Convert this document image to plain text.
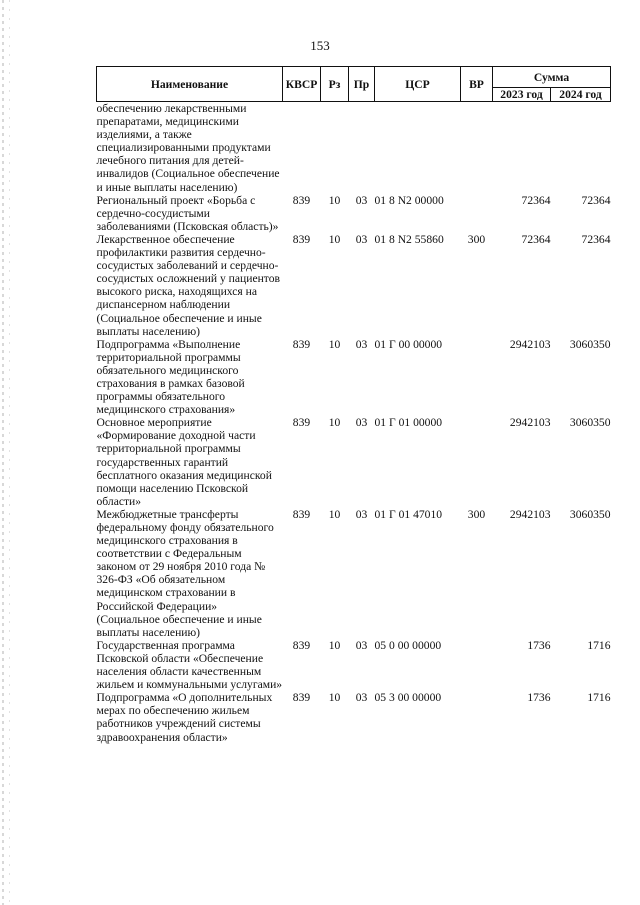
153
Наименование	КВСР	Рз	Пр	ЦСР	ВР	Сумма	
						2023 год	2024 год
обеспечению лекарственными препаратами, медицинскими изделиями, а также специализированными продуктами лечебного питания для детей-инвалидов (Социальное обеспечение и иные выплаты населению)							
Региональный проект «Борьба с сердечно-сосудистыми заболеваниями (Псковская область)»	839	10	03	01 8 N2 00000		72364	72364
Лекарственное обеспечение профилактики развития сердечно-сосудистых заболеваний и сердечно-сосудистых осложнений у пациентов высокого риска, находящихся на диспансерном наблюдении (Социальное обеспечение и иные выплаты населению)	839	10	03	01 8 N2 55860	300	72364	72364
Подпрограмма «Выполнение территориальной программы обязательного медицинского страхования в рамках базовой программы обязательного медицинского страхования»	839	10	03	01 Г 00 00000		2942103	3060350
Основное мероприятие «Формирование доходной части территориальной программы государственных гарантий бесплатного оказания медицинской помощи населению Псковской области»	839	10	03	01 Г 01 00000		2942103	3060350
Межбюджетные трансферты федеральному фонду обязательного медицинского страхования в соответствии с Федеральным законом от 29 ноября 2010 года № 326-ФЗ «Об обязательном медицинском страховании в Российской Федерации» (Социальное обеспечение и иные выплаты населению)	839	10	03	01 Г 01 47010	300	2942103	3060350
Государственная программа Псковской области «Обеспечение населения области качественным жильем и коммунальными услугами»	839	10	03	05 0 00 00000		1736	1716
Подпрограмма «О дополнительных мерах по обеспечению жильем работников учреждений системы здравоохранения области»	839	10	03	05 3 00 00000		1736	1716
